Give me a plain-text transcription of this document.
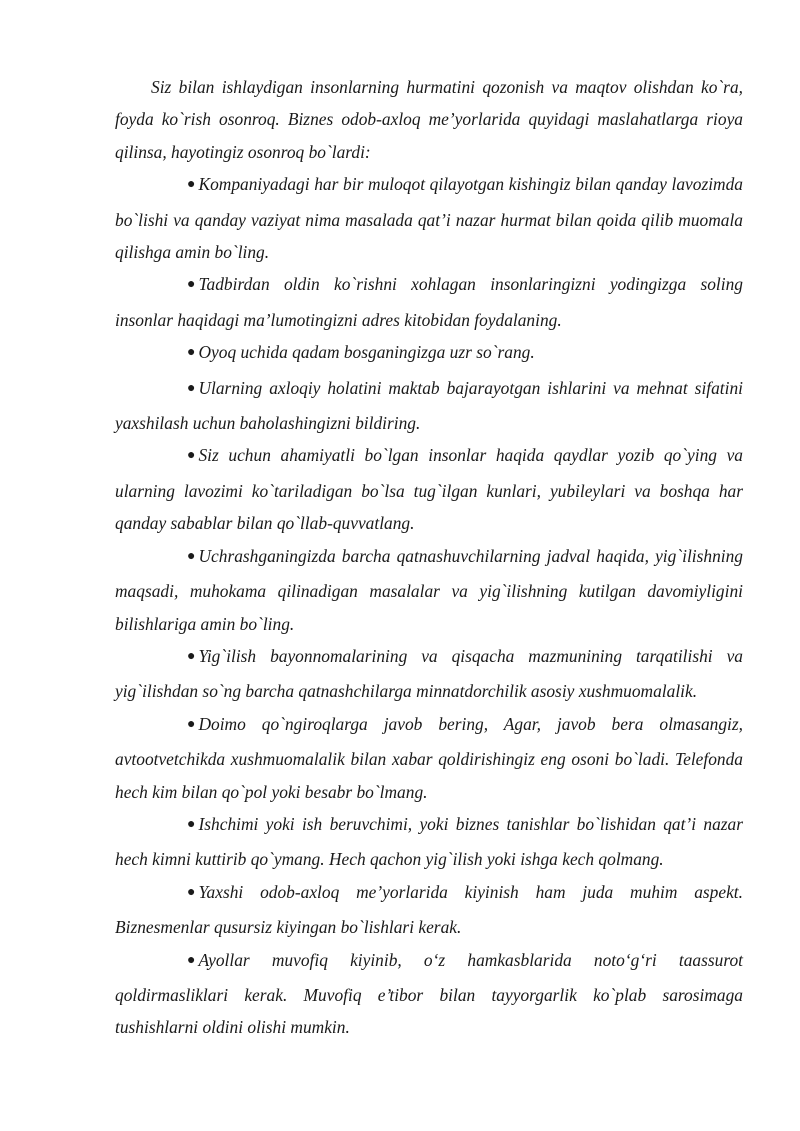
Siz bilan ishlaydigan insonlarning hurmatini qozonish va maqtov olishdan ko`ra, foyda ko`rish osonroq. Biznes odob-axloq me’yorlarida quyidagi maslahatlarga rioya qilinsa, hayotingiz osonroq bo`lardi:

● Kompaniyadagi har bir muloqot qilayotgan kishingiz bilan qanday lavozimda bo`lishi va qanday vaziyat nima masalada qat’i nazar hurmat bilan qoida qilib muomala qilishga amin bo`ling.

● Tadbirdan oldin ko`rishni xohlagan insonlaringizni yodingizga soling insonlar haqidagi ma’lumotingizni adres kitobidan foydalaning.

● Oyoq uchida qadam bosganingizga uzr so`rang.

● Ularning axloqiy holatini maktab bajarayotgan ishlarini va mehnat sifatini yaxshilash uchun baholashingizni bildiring.

● Siz uchun ahamiyatli bo`lgan insonlar haqida qaydlar yozib qo`ying va ularning lavozimi ko`tariladigan bo`lsa tug`ilgan kunlari, yubileylari va boshqa har qanday sabablar bilan qo`llab-quvvatlang.

● Uchrashganingizda barcha qatnashuvchilarning jadval haqida, yig`ilishning maqsadi, muhokama qilinadigan masalalar va yig`ilishning kutilgan davomiyligini bilishlariga amin bo`ling.

● Yig`ilish bayonnomalarining va qisqacha mazmunining tarqatilishi va yig`ilishdan so`ng barcha qatnashchilarga minnatdorchilik asosiy xushmuomalalik.

● Doimo qo`ngiroqlarga javob bering, Agar, javob bera olmasangiz, avtootvetchikda xushmuomalalik bilan xabar qoldirishingiz eng osoni bo`ladi. Telefonda hech kim bilan qo`pol yoki besabr bo`lmang.

● Ishchimi yoki ish beruvchimi, yoki biznes tanishlar bo`lishidan qat’i nazar hech kimni kuttirib qo`ymang. Hech qachon yig`ilish yoki ishga kech qolmang.

● Yaxshi odob-axloq me’yorlarida kiyinish ham juda muhim aspekt. Biznesmenlar qusursiz kiyingan bo`lishlari kerak.

● Ayollar muvofiq kiyinib, o‘z hamkasblarida noto‘g‘ri taassurot qoldirmasliklari kerak. Muvofiq e’tibor bilan tayyorgarlik ko`plab sarosimaga tushishlarni oldini olishi mumkin.
